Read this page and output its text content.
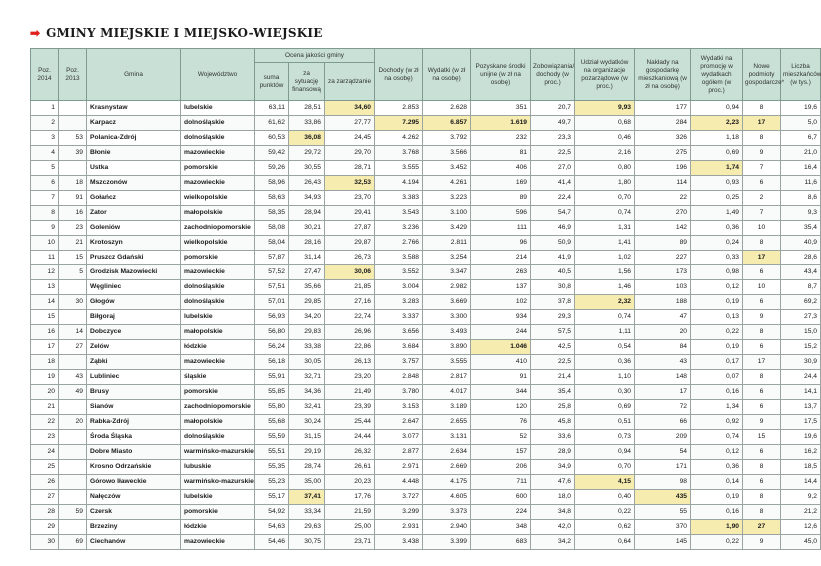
➡ GMINY MIEJSKIE I MIEJSKO-WIEJSKIE
Poz. 2014	Poz. 2013	Gmina	Województwo	Ocena jakości gminy			Dochody (w zł na osobę)	Wydatki (w zł na osobę)	Pozyskane środki unijne (w zł na osobę)	Zobowiązania/ dochody (w proc.)	Udział wydatków na organizacje pozarządowe (w proc.)	Nakłady na gospodarkę mieszkaniową (w zł na osobę)	Wydatki na promocję w wydatkach ogółem (w proc.)	Nowe podmioty gospodarcze*	Liczba mieszkańców (w tys.)
				suma punktów	za sytuację finansową	za zarządzanie									
1		Krasnystaw	lubelskie	63,11	28,51	34,60	2.853	2.628	351	20,7	9,93	177	0,94	8	19,6
2		Karpacz	dolnośląskie	61,62	33,86	27,77	7.295	6.857	1.619	49,7	0,68	284	2,23	17	5,0
3	53	Polanica-Zdrój	dolnośląskie	60,53	36,08	24,45	4.262	3.792	232	23,3	0,46	326	1,18	8	6,7
4	39	Błonie	mazowieckie	59,42	29,72	29,70	3.768	3.566	81	22,5	2,16	275	0,69	9	21,0
5		Ustka	pomorskie	59,26	30,55	28,71	3.555	3.452	406	27,0	0,80	196	1,74	7	16,4
6	18	Mszczonów	mazowieckie	58,96	26,43	32,53	4.194	4.261	169	41,4	1,80	114	0,93	6	11,6
7	91	Gołańcz	wielkopolskie	58,63	34,93	23,70	3.383	3.223	89	22,4	0,70	22	0,25	2	8,6
8	16	Zator	małopolskie	58,35	28,94	29,41	3.543	3.100	596	54,7	0,74	270	1,49	7	9,3
9	23	Goleniów	zachodniopomorskie	58,08	30,21	27,87	3.236	3.429	111	46,9	1,31	142	0,36	10	35,4
10	21	Krotoszyn	wielkopolskie	58,04	28,16	29,87	2.766	2.811	96	50,9	1,41	89	0,24	8	40,9
11	15	Pruszcz Gdański	pomorskie	57,87	31,14	26,73	3.588	3.254	214	41,9	1,02	227	0,33	17	28,6
12	5	Grodzisk Mazowiecki	mazowieckie	57,52	27,47	30,06	3.552	3.347	263	40,5	1,56	173	0,98	6	43,4
13		Węgliniec	dolnośląskie	57,51	35,66	21,85	3.004	2.982	137	30,8	1,46	103	0,12	10	8,7
14	30	Głogów	dolnośląskie	57,01	29,85	27,16	3.283	3.669	102	37,8	2,32	188	0,19	6	69,2
15		Biłgoraj	lubelskie	56,93	34,20	22,74	3.337	3.300	934	29,3	0,74	47	0,13	9	27,3
16	14	Dobczyce	małopolskie	56,80	29,83	26,96	3.656	3.493	244	57,5	1,11	20	0,22	8	15,0
17	27	Zelów	łódzkie	56,24	33,38	22,86	3.684	3.890	1.046	42,5	0,54	84	0,19	6	15,2
18		Ząbki	mazowieckie	56,18	30,05	26,13	3.757	3.555	410	22,5	0,36	43	0,17	17	30,9
19	43	Lubliniec	śląskie	55,91	32,71	23,20	2.848	2.817	91	21,4	1,10	148	0,07	8	24,4
20	49	Brusy	pomorskie	55,85	34,36	21,49	3.780	4.017	344	35,4	0,30	17	0,16	6	14,1
21		Sianów	zachodniopomorskie	55,80	32,41	23,39	3.153	3.189	120	25,8	0,69	72	1,34	6	13,7
22	20	Rabka-Zdrój	małopolskie	55,68	30,24	25,44	2.647	2.655	76	45,8	0,51	66	0,92	9	17,5
23		Środa Śląska	dolnośląskie	55,59	31,15	24,44	3.077	3.131	52	33,6	0,73	209	0,74	15	19,6
24		Dobre Miasto	warmińsko-mazurskie	55,51	29,19	26,32	2.877	2.634	157	28,9	0,94	54	0,12	6	16,2
25		Krosno Odrzańskie	lubuskie	55,35	28,74	26,61	2.971	2.669	206	34,9	0,70	171	0,36	8	18,5
26		Górowo Iławeckie	warmińsko-mazurskie	55,23	35,00	20,23	4.448	4.175	711	47,6	4,15	98	0,14	6	14,4
27		Nałęczów	lubelskie	55,17	37,41	17,76	3.727	4.605	600	18,0	0,40	435	0,19	8	9,2
28	59	Czersk	pomorskie	54,92	33,34	21,59	3.299	3.373	224	34,8	0,22	55	0,16	8	21,2
29		Brzeziny	łódzkie	54,63	29,63	25,00	2.931	2.940	348	42,0	0,62	370	1,90	27	12,6
30	69	Ciechanów	mazowieckie	54,46	30,75	23,71	3.438	3.399	683	34,2	0,64	145	0,22	9	45,0
